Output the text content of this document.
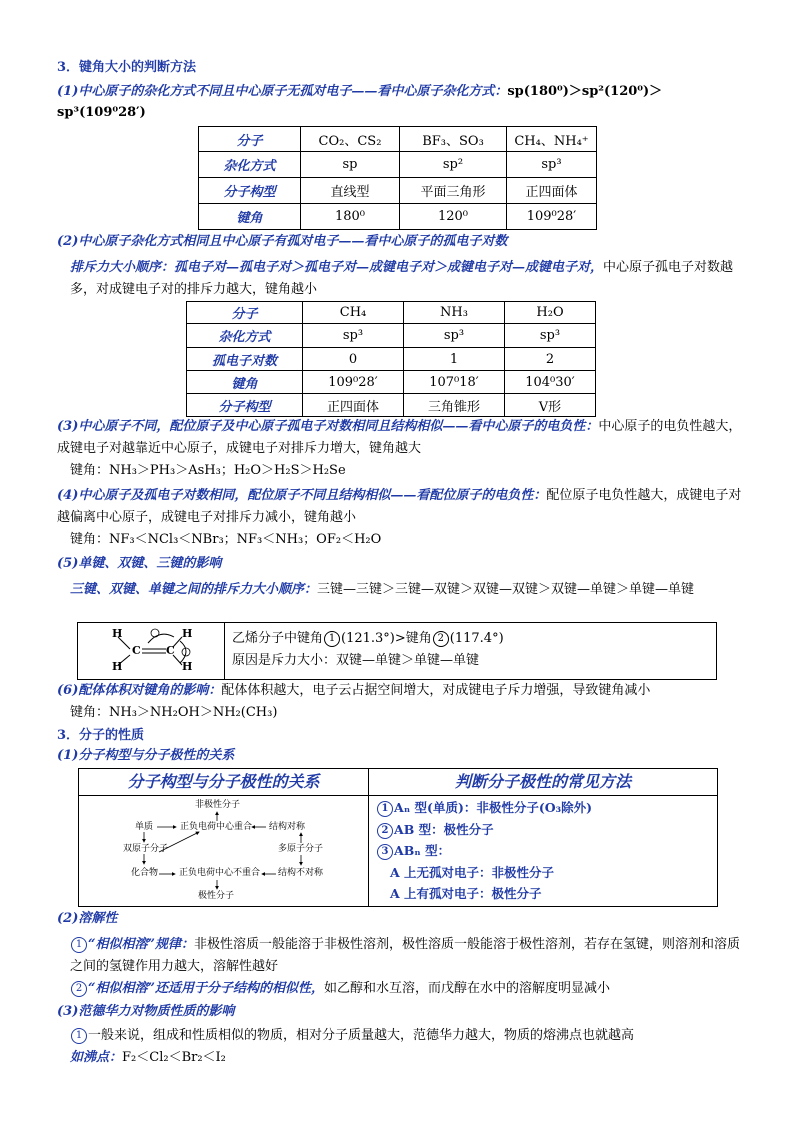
3．键角大小的判断方法
(1)中心原子的杂化方式不同且中心原子无孤对电子——看中心原子杂化方式：sp(180⁰)＞sp²(120⁰)＞sp³(109⁰28′)
分子	CO₂、CS₂	BF₃、SO₃	CH₄、NH₄⁺
杂化方式	sp	sp²	sp³
分子构型	直线型	平面三角形	正四面体
键角	180⁰	120⁰	109⁰28′
(2)中心原子杂化方式相同且中心原子有孤对电子——看中心原子的孤电子对数
排斥力大小顺序：孤电子对—孤电子对＞孤电子对—成键电子对＞成键电子对—成键电子对，中心原子孤电子对数越多，对成键电子对的排斥力越大，键角越小
分子	CH₄	NH₃	H₂O
杂化方式	sp³	sp³	sp³
孤电子对数	0	1	2
键角	109⁰28′	107⁰18′	104⁰30′
分子构型	正四面体	三角锥形	V形
(3)中心原子不同，配位原子及中心原子孤电子对数相同且结构相似——看中心原子的电负性：中心原子的电负性越大，成键电子对越靠近中心原子，成键电子对排斥力增大，键角越大
键角：NH₃＞PH₃＞AsH₃；H₂O＞H₂S＞H₂Se
(4)中心原子及孤电子对数相同，配位原子不同且结构相似——看配位原子的电负性：配位原子电负性越大，成键电子对越偏离中心原子，成键电子对排斥力减小，键角越小
键角：NF₃＜NCl₃＜NBr₃；NF₃＜NH₃；OF₂＜H₂O
(5)单键、双键、三键的影响
三键、双键、单键之间的排斥力大小顺序：三键—三键＞三键—双键＞双键—双键＞双键—单键＞单键—单键
H
H
C C
H
H
乙烯分子中键角 1 (121.3°)>键角 2 (117.4°)
原因是斥力大小：双键—单键＞单键—单键
(6)配体体积对键角的影响：配体体积越大，电子云占据空间增大，对成键电子斥力增强，导致键角减小
键角：NH₃＞NH₂OH＞NH₂(CH₃)
3．分子的性质
(1)分子构型与分子极性的关系
分子构型与分子极性的关系	判断分子极性的常见方法
非极性分子
单质	正负电荷中心重合 结构对称
双原子分子	多原子分子
化合物 正负电荷中心不重合 结构不对称
极性分子
1 Aₙ 型(单质)：非极性分子(O₃除外)
2 AB 型：极性分子
3 ABₙ 型：
A 上无孤对电子：非极性分子
A 上有孤对电子：极性分子
(2)溶解性
1 “相似相溶”规律：非极性溶质一般能溶于非极性溶剂，极性溶质一般能溶于极性溶剂，若存在氢键，则溶剂和溶质之间的氢键作用力越大，溶解性越好
2 “相似相溶”还适用于分子结构的相似性，如乙醇和水互溶，而戊醇在水中的溶解度明显减小
(3)范德华力对物质性质的影响
1 一般来说，组成和性质相似的物质，相对分子质量越大，范德华力越大，物质的熔沸点也就越高
如沸点：F₂＜Cl₂＜Br₂＜I₂
